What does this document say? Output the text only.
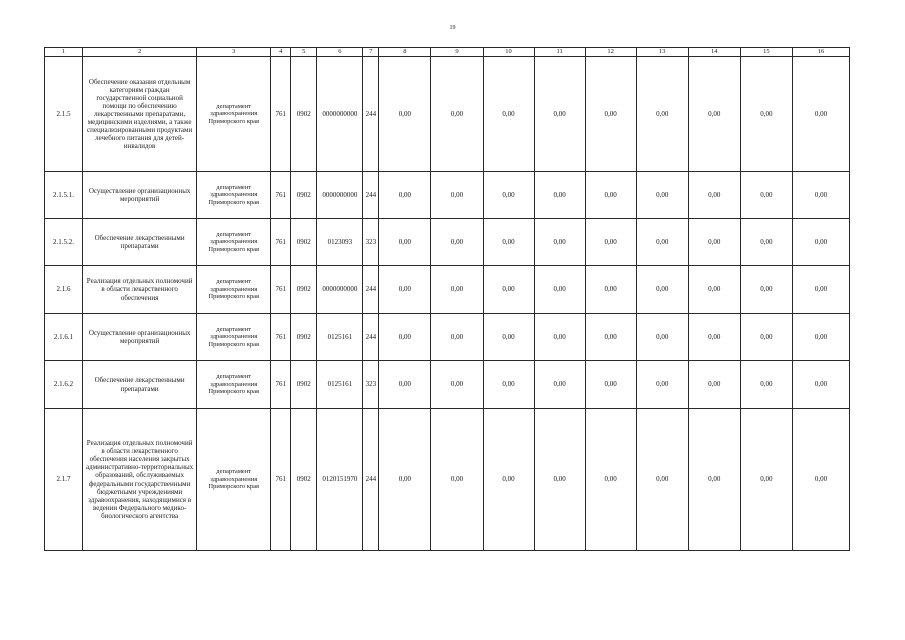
19
1	2	3	4	5	6	7	8	9	10	11	12	13	14	15	16
2.1.5	Обеспечение оказания отдельным категориям граждан государственной социальной помощи по обеспечению лекарственными препаратами, медицинскими изделиями, а также специализированными продуктами лечебного питания для детей-инвалидов	департамент здравоохранения Приморского края	761	0902	0000000000	244	0,00	0,00	0,00	0,00	0,00	0,00	0,00	0,00	0,00
2.1.5.1.	Осуществление организационных мероприятий	департамент здравоохранения Приморского края	761	0902	0000000000	244	0,00	0,00	0,00	0,00	0,00	0,00	0,00	0,00	0,00
2.1.5.2.	Обеспечение лекарственными препаратами	департамент здравоохранения Приморского края	761	0902	0123093	323	0,00	0,00	0,00	0,00	0,00	0,00	0,00	0,00	0,00
2.1.6	Реализация отдельных полномочий в области лекарственного обеспечения	департамент здравоохранения Приморского края	761	0902	0000000000	244	0,00	0,00	0,00	0,00	0,00	0,00	0,00	0,00	0,00
2.1.6.1	Осуществление организационных мероприятий	департамент здравоохранения Приморского края	761	0902	0125161	244	0,00	0,00	0,00	0,00	0,00	0,00	0,00	0,00	0,00
2.1.6.2	Обеспечение лекарственными препаратами	департамент здравоохранения Приморского края	761	0902	0125161	323	0,00	0,00	0,00	0,00	0,00	0,00	0,00	0,00	0,00
2.1.7	Реализация отдельных полномочий в области лекарственного обеспечения населения закрытых административно-территориальных образований, обслуживаемых федеральными государственными бюджетными учреждениями здравоохранения, находящимися в ведении Федерального медико-биологического агентства	департамент здравоохранения Приморского края	761	0902	0120151970	244	0,00	0,00	0,00	0,00	0,00	0,00	0,00	0,00	0,00
